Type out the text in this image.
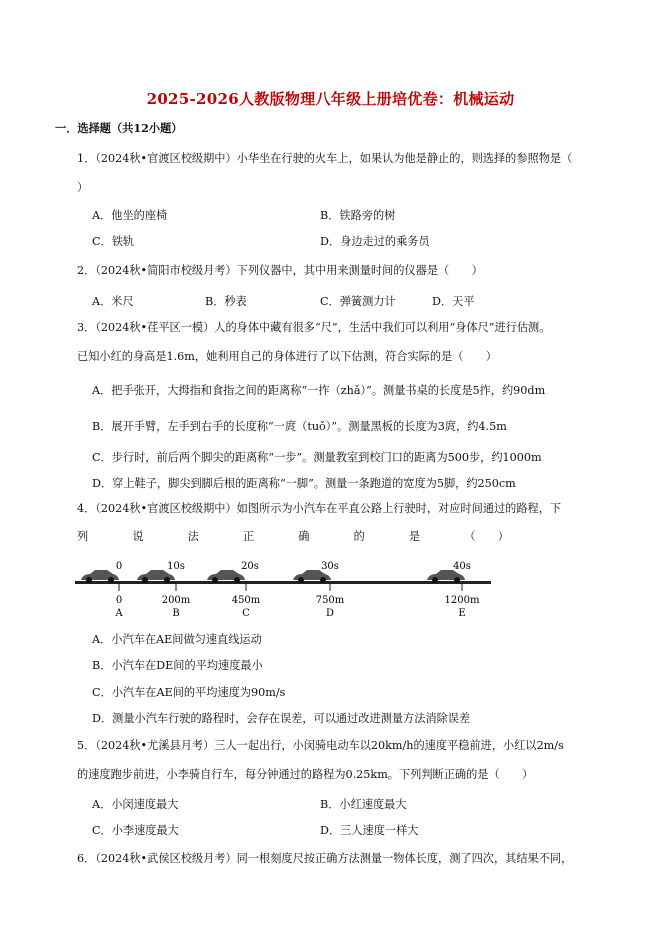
2025-2026人教版物理八年级上册培优卷：机械运动
一．选择题（共12小题）
1．（2024秋•官渡区校级期中）小华坐在行驶的火车上，如果认为他是静止的，则选择的参照物是（
）
A．他坐的座椅	B．铁路旁的树
C．铁轨	D．身边走过的乘务员
2．（2024秋•简阳市校级月考）下列仪器中，其中用来测量时间的仪器是（　　）
A．米尺	B．秒表	C．弹簧测力计	D．天平
3．（2024秋•荏平区一模）人的身体中藏有很多“尺”，生活中我们可以利用“身体尺”进行估测。
已知小红的身高是1.6m，她利用自己的身体进行了以下估测，符合实际的是（　　）
A．把手张开，大拇指和食指之间的距离称“一拃（zhǎ）”。测量书桌的长度是5拃，约90dm
B．展开手臂，左手到右手的长度称“一庹（tuǒ）”。测量黑板的长度为3庹，约4.5m
C．步行时，前后两个脚尖的距离称“一步”。测量教室到校门口的距离为500步，约1000m
D．穿上鞋子，脚尖到脚后根的距离称“一脚”。测量一条跑道的宽度为5脚，约250cm
4．（2024秋•官渡区校级期中）如图所示为小汽车在平直公路上行驶时，对应时间通过的路程，下
列	说	法	正	确	的	是	（　　）
0	10s	20s	30s	40s
0	200m	450m	750m	1200m
A	B	C	D	E
A．小汽车在AE间做匀速直线运动
B．小汽车在DE间的平均速度最小
C．小汽车在AE间的平均速度为90m/s
D．测量小汽车行驶的路程时，会存在误差，可以通过改进测量方法消除误差
5．（2024秋•尤溪县月考）三人一起出行，小闵骑电动车以20km/h的速度平稳前进，小红以2m/s
的速度跑步前进，小李骑自行车，每分钟通过的路程为0.25km。下列判断正确的是（　　）
A．小闵速度最大	B．小红速度最大
C．小李速度最大	D．三人速度一样大
6．（2024秋•武侯区校级月考）同一根刻度尺按正确方法测量一物体长度，测了四次，其结果不同，
